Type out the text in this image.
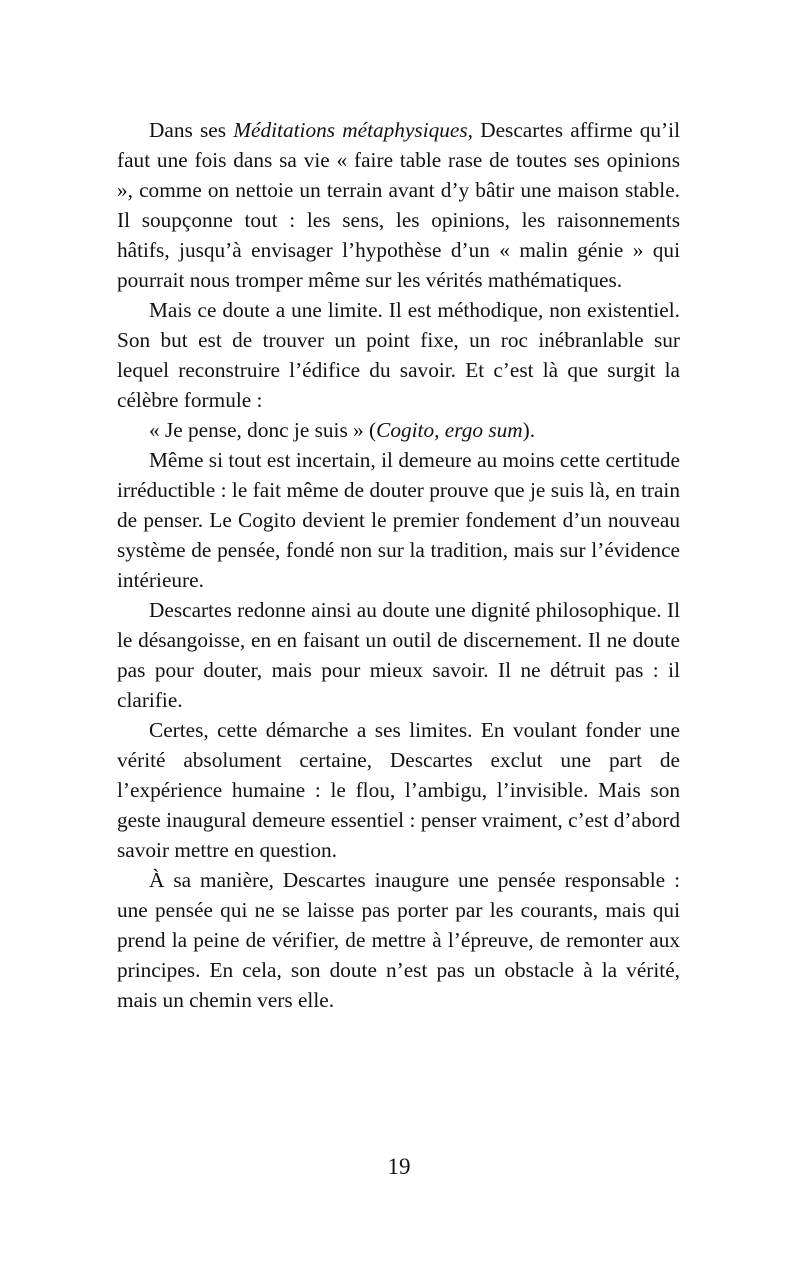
Dans ses Méditations métaphysiques, Descartes affirme qu’il faut une fois dans sa vie « faire table rase de toutes ses opinions », comme on nettoie un terrain avant d’y bâtir une maison stable. Il soupçonne tout : les sens, les opinions, les raisonnements hâtifs, jusqu’à envisager l’hypothèse d’un « malin génie » qui pourrait nous tromper même sur les vérités mathématiques.

Mais ce doute a une limite. Il est méthodique, non existentiel. Son but est de trouver un point fixe, un roc inébranlable sur lequel reconstruire l’édifice du savoir. Et c’est là que surgit la célèbre formule :

« Je pense, donc je suis » (Cogito, ergo sum).

Même si tout est incertain, il demeure au moins cette certitude irréductible : le fait même de douter prouve que je suis là, en train de penser. Le Cogito devient le premier fondement d’un nouveau système de pensée, fondé non sur la tradition, mais sur l’évidence intérieure.

Descartes redonne ainsi au doute une dignité philosophique. Il le désangoisse, en en faisant un outil de discernement. Il ne doute pas pour douter, mais pour mieux savoir. Il ne détruit pas : il clarifie.

Certes, cette démarche a ses limites. En voulant fonder une vérité absolument certaine, Descartes exclut une part de l’expérience humaine : le flou, l’ambigu, l’invisible. Mais son geste inaugural demeure essentiel : penser vraiment, c’est d’abord savoir mettre en question.

À sa manière, Descartes inaugure une pensée responsable : une pensée qui ne se laisse pas porter par les courants, mais qui prend la peine de vérifier, de mettre à l’épreuve, de remonter aux principes. En cela, son doute n’est pas un obstacle à la vérité, mais un chemin vers elle.

19
